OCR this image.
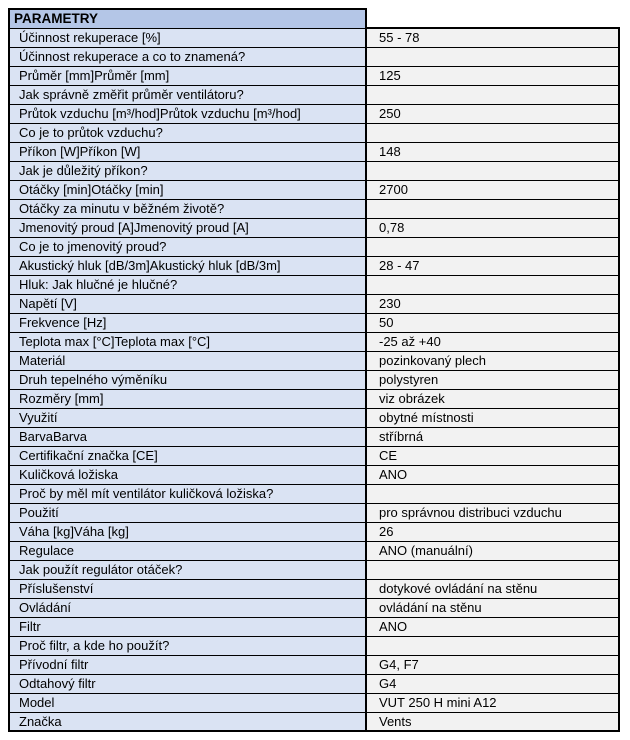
PARAMETRY	
Účinnost rekuperace [%]	55 - 78
Účinnost rekuperace a co to znamená?	
Průměr [mm]Průměr [mm]	125
Jak správně změřit průměr ventilátoru?	
Průtok vzduchu [m³/hod]Průtok vzduchu [m³/hod]	250
Co je to průtok vzduchu?	
Příkon [W]Příkon [W]	148
Jak je důležitý příkon?	
Otáčky [min]Otáčky [min]	2700
Otáčky za minutu v běžném životě?	
Jmenovitý proud [A]Jmenovitý proud [A]	0,78
Co je to jmenovitý proud?	
Akustický hluk [dB/3m]Akustický hluk [dB/3m]	28 - 47
Hluk: Jak hlučné je hlučné?	
Napětí [V]	230
Frekvence [Hz]	50
Teplota max [°C]Teplota max [°C]	-25 až +40
Materiál	pozinkovaný plech
Druh tepelného výměníku	polystyren
Rozměry [mm]	viz obrázek
Využití	obytné místnosti
BarvaBarva	stříbrná
Certifikační značka [CE]	CE
Kuličková ložiska	ANO
Proč by měl mít ventilátor kuličková ložiska?	
Použití	pro správnou distribuci vzduchu
Váha [kg]Váha [kg]	26
Regulace	ANO (manuální)
Jak použít regulátor otáček?	
Příslušenství	dotykové ovládání na stěnu
Ovládání	ovládání na stěnu
Filtr	ANO
Proč filtr, a kde ho použít?	
Přívodní filtr	G4, F7
Odtahový filtr	G4
Model	VUT 250 H mini A12
Značka	Vents
